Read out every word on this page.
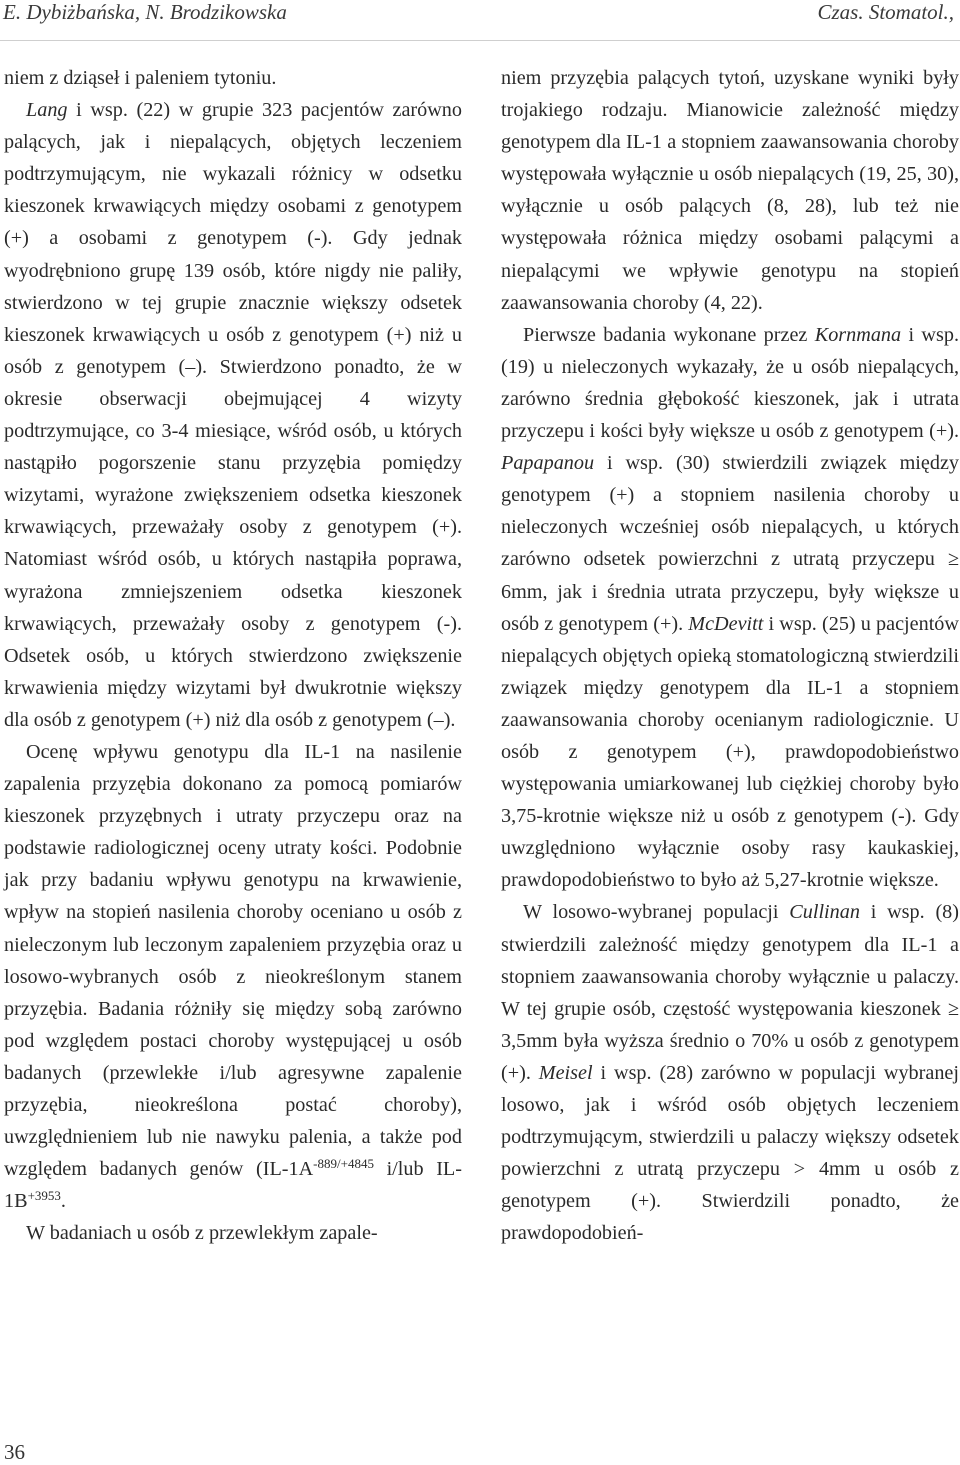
E. Dybiżbańska, N. Brodzikowska	Czas. Stomatol.,

niem z dziąseł i paleniem tytoniu.

Lang i wsp. (22) w grupie 323 pacjentów zarówno palących, jak i niepalących, objętych leczeniem podtrzymującym, nie wykazali różnicy w odsetku kieszonek krwawiących między osobami z genotypem (+) a osobami z genotypem (-). Gdy jednak wyodrębniono grupę 139 osób, które nigdy nie paliły, stwierdzono w tej grupie znacznie większy odsetek kieszonek krwawiących u osób z genotypem (+) niż u osób z genotypem (–). Stwierdzono ponadto, że w okresie obserwacji obejmującej 4 wizyty podtrzymujące, co 3-4 miesiące, wśród osób, u których nastąpiło pogorszenie stanu przyzębia pomiędzy wizytami, wyrażone zwiększeniem odsetka kieszonek krwawiących, przeważały osoby z genotypem (+). Natomiast wśród osób, u których nastąpiła poprawa, wyrażona zmniejszeniem odsetka kieszonek krwawiących, przeważały osoby z genotypem (-). Odsetek osób, u których stwierdzono zwiększenie krwawienia między wizytami był dwukrotnie większy dla osób z genotypem (+) niż dla osób z genotypem (–).

Ocenę wpływu genotypu dla IL-1 na nasilenie zapalenia przyzębia dokonano za pomocą pomiarów kieszonek przyzębnych i utraty przyczepu oraz na podstawie radiologicznej oceny utraty kości. Podobnie jak przy badaniu wpływu genotypu na krwawienie, wpływ na stopień nasilenia choroby oceniano u osób z nieleczonym lub leczonym zapaleniem przyzębia oraz u losowo-wybranych osób z nieokreślonym stanem przyzębia. Badania różniły się między sobą zarówno pod względem postaci choroby występującej u osób badanych (przewlekłe i/lub agresywne zapalenie przyzębia, nieokreślona postać choroby), uwzględnieniem lub nie nawyku palenia, a także pod względem badanych genów ($IL-1A^{-889/+4845}$ i/lub $IL-1B^{+3953}$.

W badaniach u osób z przewlekłym zapale-

niem przyzębia palących tytoń, uzyskane wyniki były trojakiego rodzaju. Mianowicie zależność między genotypem dla IL-1 a stopniem zaawansowania choroby występowała wyłącznie u osób niepalących (19, 25, 30), wyłącznie u osób palących (8, 28), lub też nie występowała różnica między osobami palącymi a niepalącymi we wpływie genotypu na stopień zaawansowania choroby (4, 22).

Pierwsze badania wykonane przez Kornmana i wsp. (19) u nieleczonych wykazały, że u osób niepalących, zarówno średnia głębokość kieszonek, jak i utrata przyczepu i kości były większe u osób z genotypem (+). Papapanou i wsp. (30) stwierdzili związek między genotypem (+) a stopniem nasilenia choroby u nieleczonych wcześniej osób niepalących, u których zarówno odsetek powierzchni z utratą przyczepu ≥ 6mm, jak i średnia utrata przyczepu, były większe u osób z genotypem (+). McDevitt i wsp. (25) u pacjentów niepalących objętych opieką stomatologiczną stwierdzili związek między genotypem dla IL-1 a stopniem zaawansowania choroby ocenianym radiologicznie. U osób z genotypem (+), prawdopodobieństwo występowania umiarkowanej lub ciężkiej choroby było 3,75-krotnie większe niż u osób z genotypem (-). Gdy uwzględniono wyłącznie osoby rasy kaukaskiej, prawdopodobieństwo to było aż 5,27-krotnie większe.

W losowo-wybranej populacji Cullinan i wsp. (8) stwierdzili zależność między genotypem dla IL-1 a stopniem zaawansowania choroby wyłącznie u palaczy. W tej grupie osób, częstość występowania kieszonek ≥ 3,5mm była wyższa średnio o 70% u osób z genotypem (+). Meisel i wsp. (28) zarówno w populacji wybranej losowo, jak i wśród osób objętych leczeniem podtrzymującym, stwierdzili u palaczy większy odsetek powierzchni z utratą przyczepu > 4mm u osób z genotypem (+). Stwierdzili ponadto, że prawdopodobień-

36
